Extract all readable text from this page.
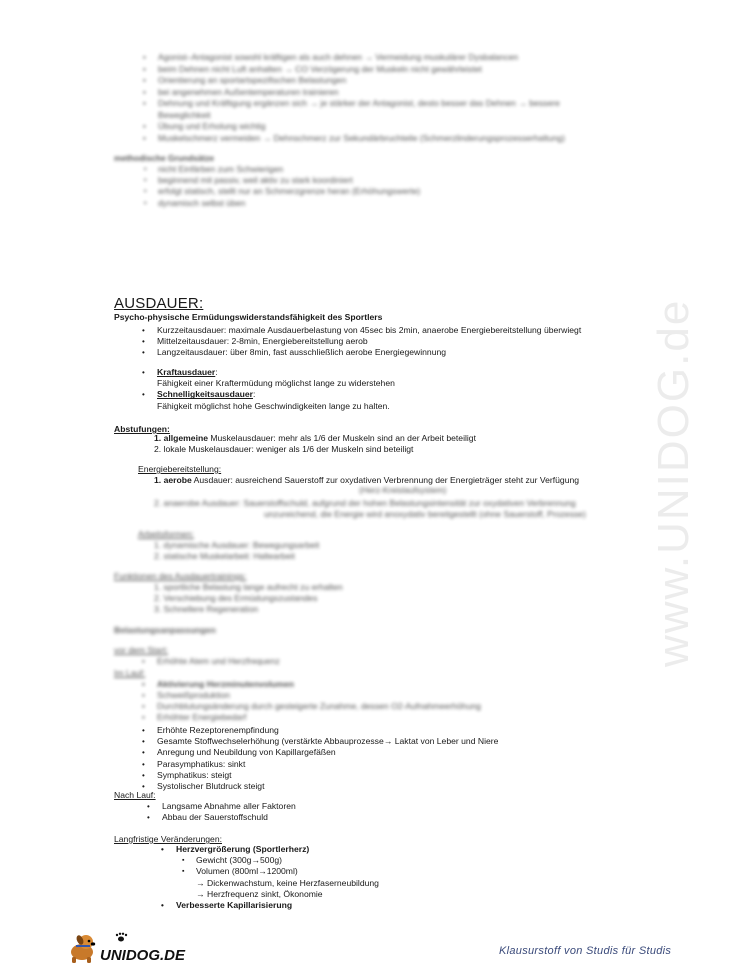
• Agonist–Antagonist sowohl kräftigen als auch dehnen → Vermeidung muskulärer Dysbalancen
• beim Dehnen nicht Luft anhalten → CO Verzögerung der Muskeln nicht gewährleistet
• Orientierung an sportartspezifischen Belastungen
• bei angenehmen Außentemperaturen trainieren
• Dehnung und Kräftigung ergänzen sich → je stärker der Antagonist, desto besser das Dehnen → bessere
Beweglichkeit
• Übung und Erholung wichtig
• Muskelschmerz vermeiden → Dehnschmerz zur Sekundärbruchteile (Schmerzlinderungsprozesserhaltung)
methodische Grundsätze
▪ nicht Einfärben zum Schwierigen
▪ beginnend mit passiv, weil aktiv zu stark koordiniert
▪ erfolgt statisch, stellt nur an Schmerzgrenze heran (Erhöhungswerte)
▪ dynamisch selbst üben
www.UNIDOG.de
AUSDAUER:
Psycho-physische Ermüdungswiderstandsfähigkeit des Sportlers
• Kurzzeitausdauer: maximale Ausdauerbelastung von 45sec bis 2min, anaerobe Energiebereitstellung überwiegt
• Mittelzeitausdauer: 2-8min, Energiebereitstellung aerob
• Langzeitausdauer: über 8min, fast ausschließlich aerobe Energiegewinnung
• Kraftausdauer:
Fähigkeit einer Kraftermüdung möglichst lange zu widerstehen
• Schnelligkeitsausdauer:
Fähigkeit möglichst hohe Geschwindigkeiten lange zu halten.
Abstufungen:
1. allgemeine Muskelausdauer: mehr als 1/6 der Muskeln sind an der Arbeit beteiligt
2. lokale Muskelausdauer: weniger als 1/6 der Muskeln sind beteiligt
Energiebereitstellung:
1. aerobe Ausdauer: ausreichend Sauerstoff zur oxydativen Verbrennung der Energieträger steht zur Verfügung
(Herz-Kreislaufsystem)
2. anaerobe Ausdauer: Sauerstoffschuld, aufgrund der hohen Belastungsintensität zur oxydativen Verbrennung
unzureichend, die Energie wird anoxydativ bereitgestellt (ohne Sauerstoff, Prozesse)
Arbeitsformen:
1. dynamische Ausdauer: Bewegungsarbeit
2. statische Muskelarbeit: Haltearbeit
Funktionen des Ausdauertrainings:
1. sportliche Belastung lange aufrecht zu erhalten
2. Verschiebung des Ermüdungszustandes
3. Schnellere Regeneration
Belastungsanpassungen
vor dem Start:
• Erhöhte Atem und Herzfrequenz
Im Lauf:
• Aktivierung Herzminutenvolumen
• Schweißproduktion
• Durchblutungsänderung durch gesteigerte Zunahme, dessen O2-Aufnahmeerhöhung
• Erhöhter Energiebedarf
• Erhöhte Rezeptorenempfindung
• Gesamte Stoffwechselerhöhung (verstärkte Abbauprozesse→ Laktat von Leber und Niere
• Anregung und Neubildung von Kapillargefäßen
• Parasymphatikus: sinkt
• Symphatikus: steigt
• Systolischer Blutdruck steigt
Nach Lauf:
• Langsame Abnahme aller Faktoren
• Abbau der Sauerstoffschuld
Langfristige Veränderungen:
• Herzvergrößerung (Sportlerherz)
▪ Gewicht (300g→500g)
▪ Volumen (800ml→1200ml)
→ Dickenwachstum, keine Herzfaserneubildung
→ Herzfrequenz sinkt, Ökonomie
• Verbesserte Kapillarisierung
UNIDOG.DE	Klausurstoff von Studis für Studis
